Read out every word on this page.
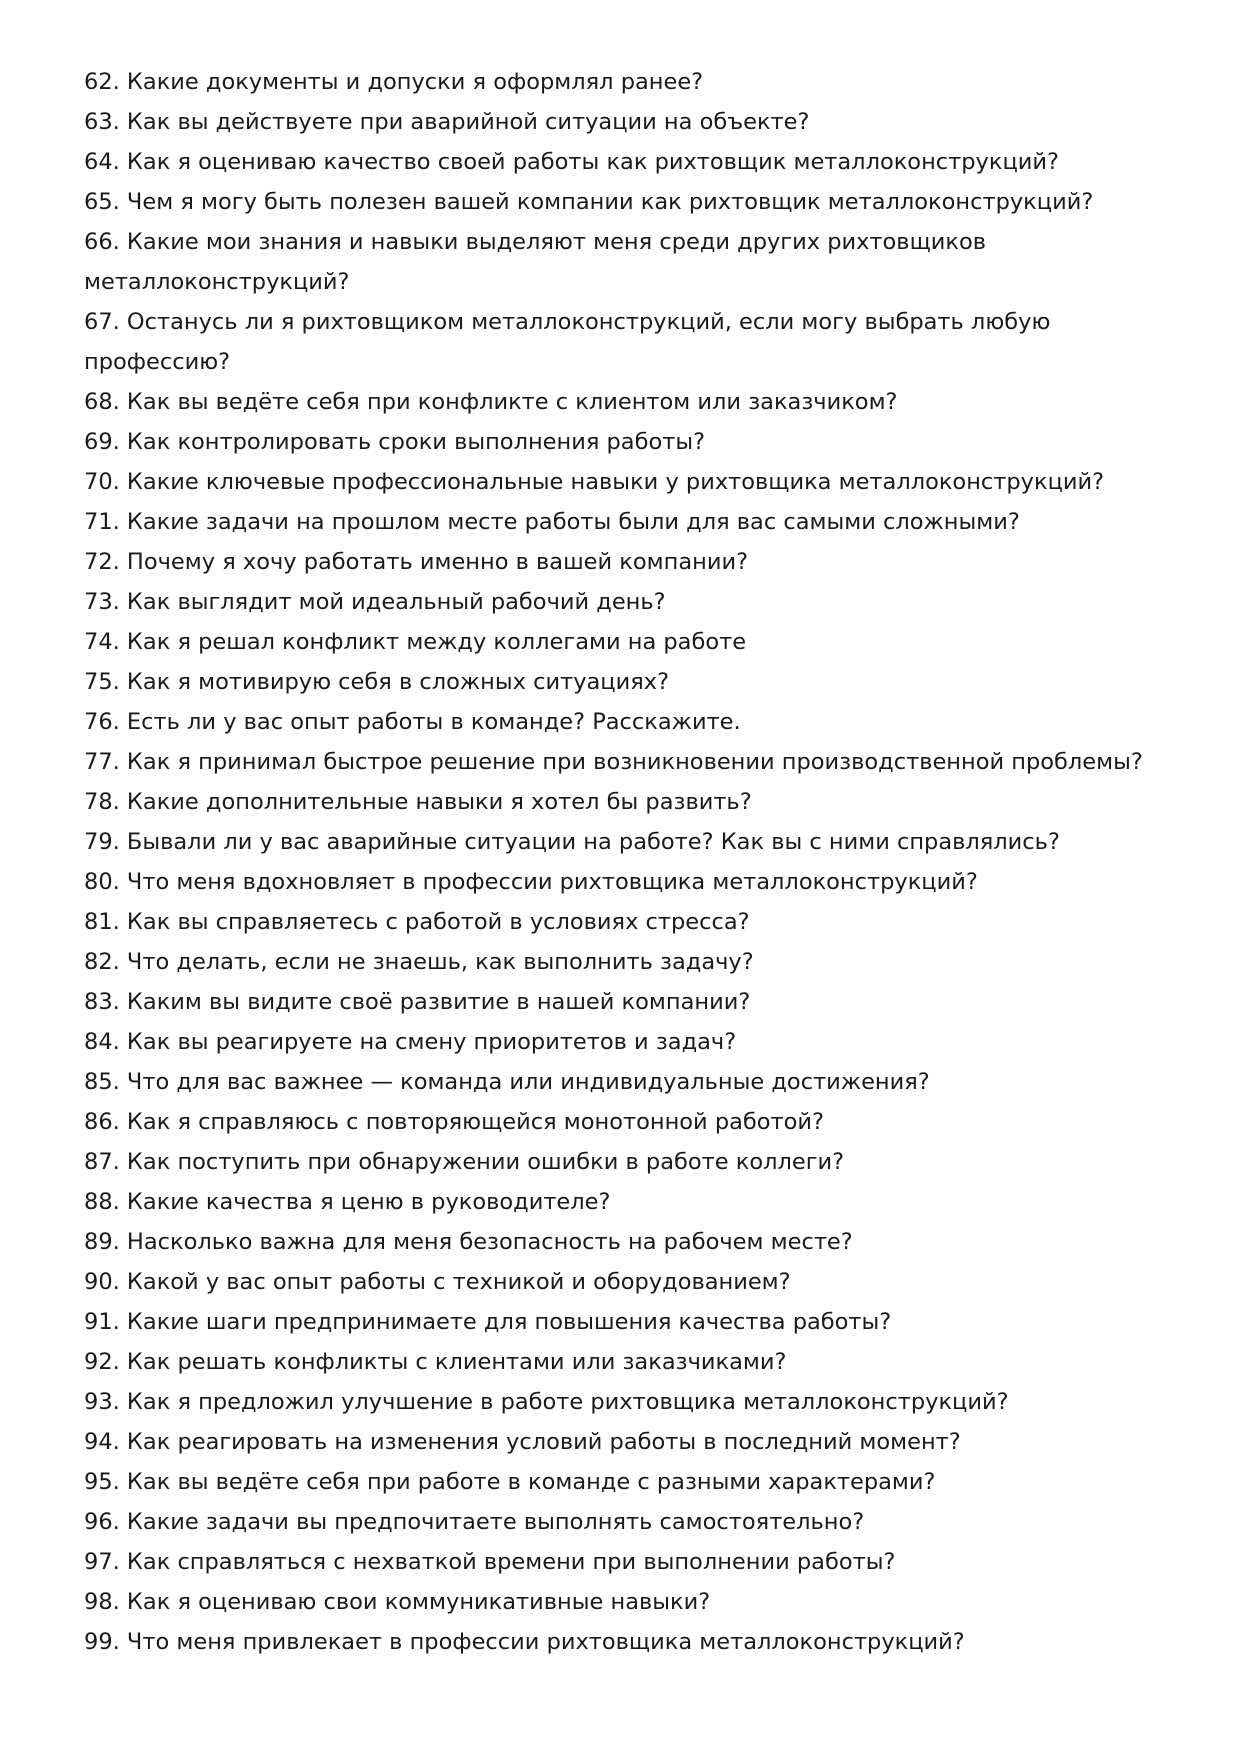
62. Какие документы и допуски я оформлял ранее?
63. Как вы действуете при аварийной ситуации на объекте?
64. Как я оцениваю качество своей работы как рихтовщик металлоконструкций?
65. Чем я могу быть полезен вашей компании как рихтовщик металлоконструкций?
66. Какие мои знания и навыки выделяют меня среди других рихтовщиков металлоконструкций?
67. Останусь ли я рихтовщиком металлоконструкций, если могу выбрать любую профессию?
68. Как вы ведёте себя при конфликте с клиентом или заказчиком?
69. Как контролировать сроки выполнения работы?
70. Какие ключевые профессиональные навыки у рихтовщика металлоконструкций?
71. Какие задачи на прошлом месте работы были для вас самыми сложными?
72. Почему я хочу работать именно в вашей компании?
73. Как выглядит мой идеальный рабочий день?
74. Как я решал конфликт между коллегами на работе
75. Как я мотивирую себя в сложных ситуациях?
76. Есть ли у вас опыт работы в команде? Расскажите.
77. Как я принимал быстрое решение при возникновении производственной проблемы?
78. Какие дополнительные навыки я хотел бы развить?
79. Бывали ли у вас аварийные ситуации на работе? Как вы с ними справлялись?
80. Что меня вдохновляет в профессии рихтовщика металлоконструкций?
81. Как вы справляетесь с работой в условиях стресса?
82. Что делать, если не знаешь, как выполнить задачу?
83. Каким вы видите своё развитие в нашей компании?
84. Как вы реагируете на смену приоритетов и задач?
85. Что для вас важнее — команда или индивидуальные достижения?
86. Как я справляюсь с повторяющейся монотонной работой?
87. Как поступить при обнаружении ошибки в работе коллеги?
88. Какие качества я ценю в руководителе?
89. Насколько важна для меня безопасность на рабочем месте?
90. Какой у вас опыт работы с техникой и оборудованием?
91. Какие шаги предпринимаете для повышения качества работы?
92. Как решать конфликты с клиентами или заказчиками?
93. Как я предложил улучшение в работе рихтовщика металлоконструкций?
94. Как реагировать на изменения условий работы в последний момент?
95. Как вы ведёте себя при работе в команде с разными характерами?
96. Какие задачи вы предпочитаете выполнять самостоятельно?
97. Как справляться с нехваткой времени при выполнении работы?
98. Как я оцениваю свои коммуникативные навыки?
99. Что меня привлекает в профессии рихтовщика металлоконструкций?
